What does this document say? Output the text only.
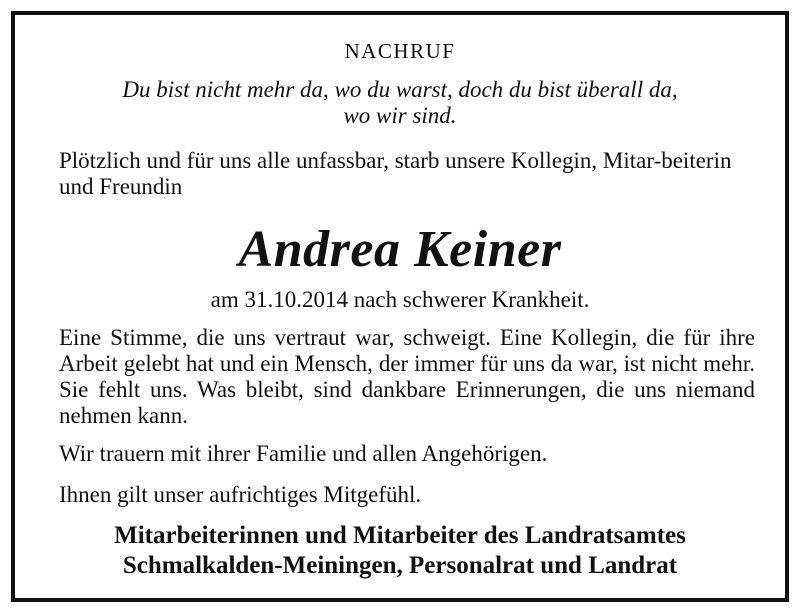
NACHRUF

Du bist nicht mehr da, wo du warst, doch du bist überall da,
wo wir sind.

Plötzlich und für uns alle unfassbar, starb unsere Kollegin, Mitar-beiterin und Freundin

Andrea Keiner

am 31.10.2014 nach schwerer Krankheit.

Eine Stimme, die uns vertraut war, schweigt. Eine Kollegin, die für ihre Arbeit gelebt hat und ein Mensch, der immer für uns da war, ist nicht mehr. Sie fehlt uns. Was bleibt, sind dankbare Erinnerungen, die uns niemand nehmen kann.

Wir trauern mit ihrer Familie und allen Angehörigen.

Ihnen gilt unser aufrichtiges Mitgefühl.

Mitarbeiterinnen und Mitarbeiter des Landratsamtes
Schmalkalden-Meiningen, Personalrat und Landrat
